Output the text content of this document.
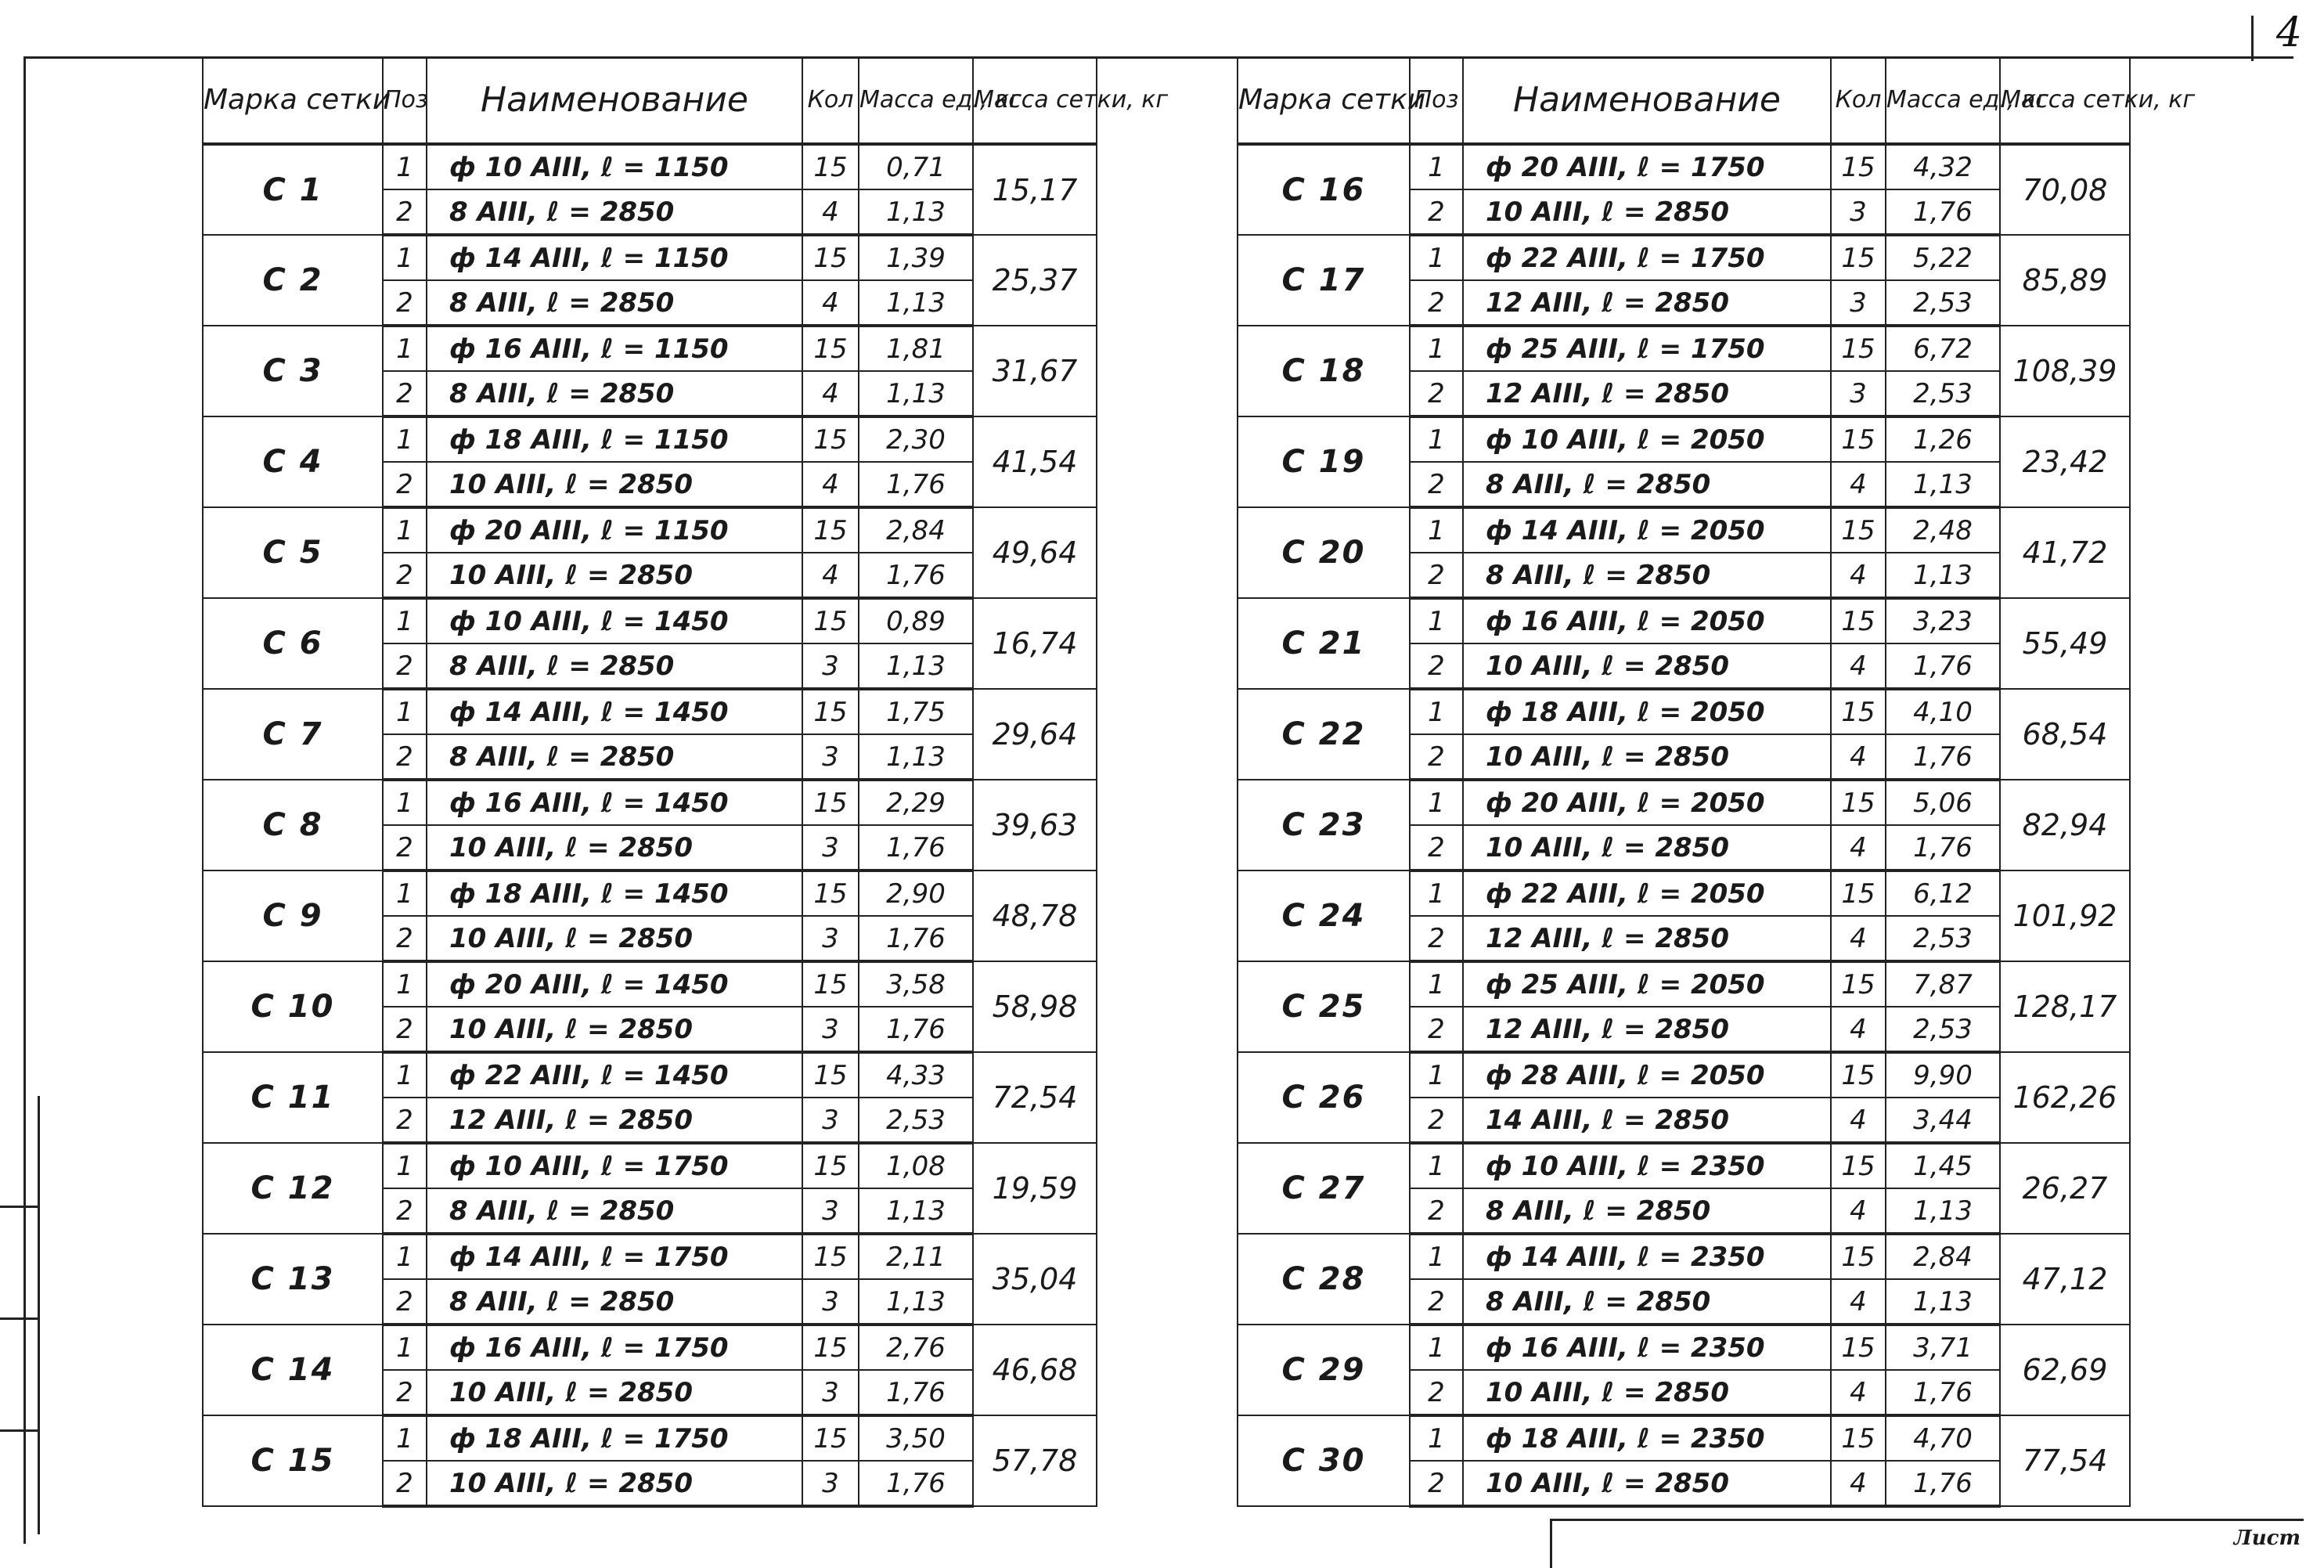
4
Марка сетки	Поз	Наименование	Кол	Масса ед., кг	Масса сетки, кг
С 1	1	ф 10 АIII, ℓ = 1150	15	0,71	15,17
	2	8 АIII, ℓ = 2850	4	1,13	
С 2	1	ф 14 АIII, ℓ = 1150	15	1,39	25,37
	2	8 АIII, ℓ = 2850	4	1,13	
С 3	1	ф 16 АIII, ℓ = 1150	15	1,81	31,67
	2	8 АIII, ℓ = 2850	4	1,13	
С 4	1	ф 18 АIII, ℓ = 1150	15	2,30	41,54
	2	10 АIII, ℓ = 2850	4	1,76	
С 5	1	ф 20 АIII, ℓ = 1150	15	2,84	49,64
	2	10 АIII, ℓ = 2850	4	1,76	
С 6	1	ф 10 АIII, ℓ = 1450	15	0,89	16,74
	2	8 АIII, ℓ = 2850	3	1,13	
С 7	1	ф 14 АIII, ℓ = 1450	15	1,75	29,64
	2	8 АIII, ℓ = 2850	3	1,13	
С 8	1	ф 16 АIII, ℓ = 1450	15	2,29	39,63
	2	10 АIII, ℓ = 2850	3	1,76	
С 9	1	ф 18 АIII, ℓ = 1450	15	2,90	48,78
	2	10 АIII, ℓ = 2850	3	1,76	
С 10	1	ф 20 АIII, ℓ = 1450	15	3,58	58,98
	2	10 АIII, ℓ = 2850	3	1,76	
С 11	1	ф 22 АIII, ℓ = 1450	15	4,33	72,54
	2	12 АIII, ℓ = 2850	3	2,53	
С 12	1	ф 10 АIII, ℓ = 1750	15	1,08	19,59
	2	8 АIII, ℓ = 2850	3	1,13	
С 13	1	ф 14 АIII, ℓ = 1750	15	2,11	35,04
	2	8 АIII, ℓ = 2850	3	1,13	
С 14	1	ф 16 АIII, ℓ = 1750	15	2,76	46,68
	2	10 АIII, ℓ = 2850	3	1,76	
С 15	1	ф 18 АIII, ℓ = 1750	15	3,50	57,78
	2	10 АIII, ℓ = 2850	3	1,76	
Марка сетки	Поз	Наименование	Кол	Масса ед., кг	Масса сетки, кг
С 16	1	ф 20 АIII, ℓ = 1750	15	4,32	70,08
	2	10 АIII, ℓ = 2850	3	1,76	
С 17	1	ф 22 АIII, ℓ = 1750	15	5,22	85,89
	2	12 АIII, ℓ = 2850	3	2,53	
С 18	1	ф 25 АIII, ℓ = 1750	15	6,72	108,39
	2	12 АIII, ℓ = 2850	3	2,53	
С 19	1	ф 10 АIII, ℓ = 2050	15	1,26	23,42
	2	8 АIII, ℓ = 2850	4	1,13	
С 20	1	ф 14 АIII, ℓ = 2050	15	2,48	41,72
	2	8 АIII, ℓ = 2850	4	1,13	
С 21	1	ф 16 АIII, ℓ = 2050	15	3,23	55,49
	2	10 АIII, ℓ = 2850	4	1,76	
С 22	1	ф 18 АIII, ℓ = 2050	15	4,10	68,54
	2	10 АIII, ℓ = 2850	4	1,76	
С 23	1	ф 20 АIII, ℓ = 2050	15	5,06	82,94
	2	10 АIII, ℓ = 2850	4	1,76	
С 24	1	ф 22 АIII, ℓ = 2050	15	6,12	101,92
	2	12 АIII, ℓ = 2850	4	2,53	
С 25	1	ф 25 АIII, ℓ = 2050	15	7,87	128,17
	2	12 АIII, ℓ = 2850	4	2,53	
С 26	1	ф 28 АIII, ℓ = 2050	15	9,90	162,26
	2	14 АIII, ℓ = 2850	4	3,44	
С 27	1	ф 10 АIII, ℓ = 2350	15	1,45	26,27
	2	8 АIII, ℓ = 2850	4	1,13	
С 28	1	ф 14 АIII, ℓ = 2350	15	2,84	47,12
	2	8 АIII, ℓ = 2850	4	1,13	
С 29	1	ф 16 АIII, ℓ = 2350	15	3,71	62,69
	2	10 АIII, ℓ = 2850	4	1,76	
С 30	1	ф 18 АIII, ℓ = 2350	15	4,70	77,54
	2	10 АIII, ℓ = 2850	4	1,76	
Лист
